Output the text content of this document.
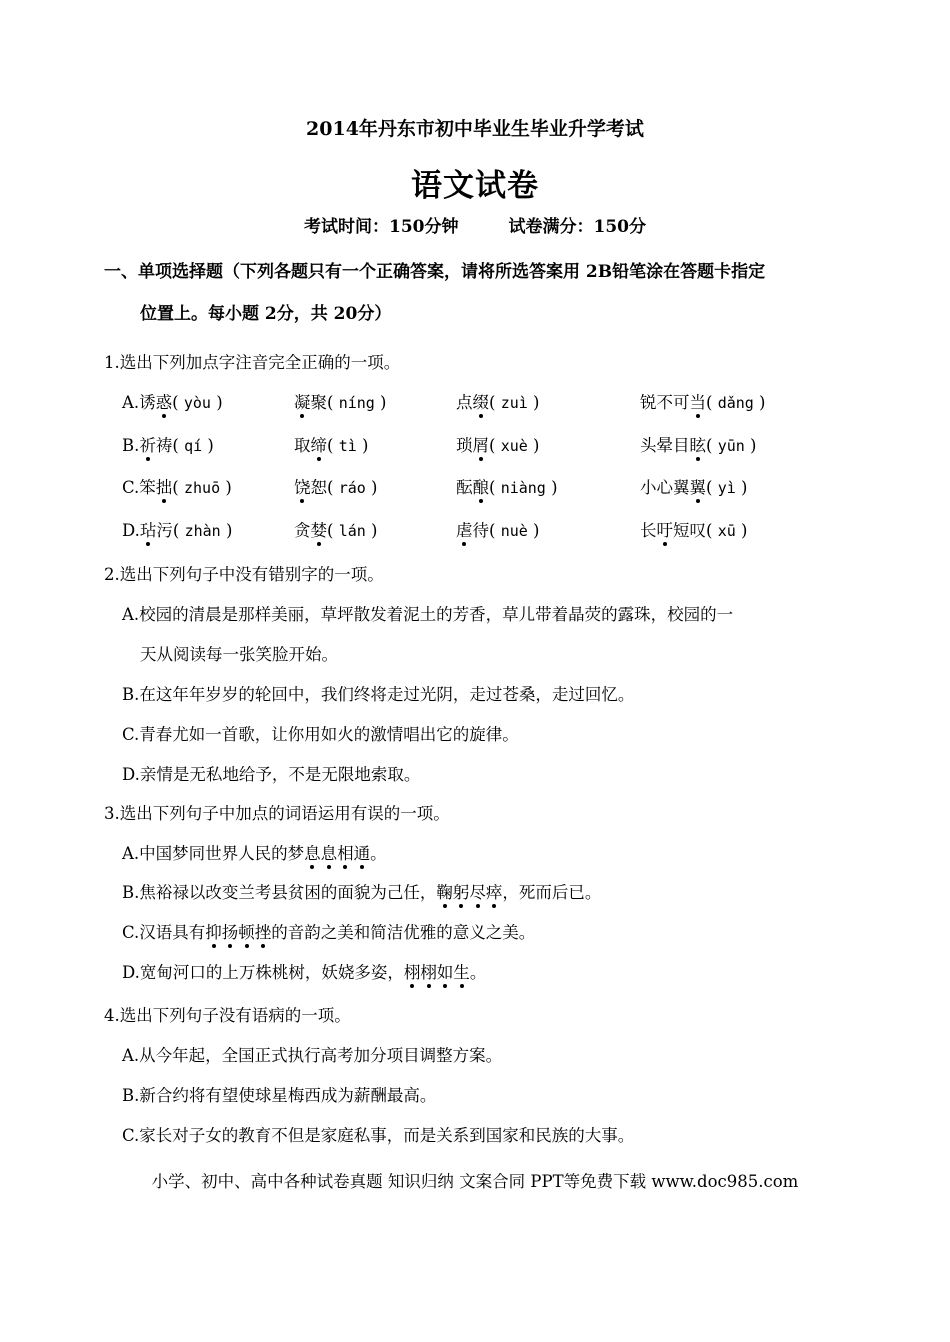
2014年丹东市初中毕业生毕业升学考试
语文试卷
考试时间：150分钟	试卷满分：150分
一、单项选择题（下列各题只有一个正确答案，请将所选答案用 2B铅笔涂在答题卡指定
位置上。每小题 2分，共 20分）
1.选出下列加点字注音完全正确的一项。
A.诱惑( yòu )	凝聚( níng )	点缀( zuì )	锐不可当( dǎng )
B.祈祷( qí )	取缔( tì )	琐屑( xuè )	头晕目眩( yūn )
C.笨拙( zhuō )	饶恕( ráo )	酝酿( niàng )	小心翼翼( yì )
D.玷污( zhàn )	贪婪( lán )	虐待( nuè )	长吁短叹( xū )
2.选出下列句子中没有错别字的一项。
A.校园的清晨是那样美丽，草坪散发着泥土的芳香，草儿带着晶荧的露珠，校园的一
天从阅读每一张笑脸开始。
B.在这年年岁岁的轮回中，我们终将走过光阴，走过苍桑，走过回忆。
C.青春尤如一首歌，让你用如火的激情唱出它的旋律。
D.亲情是无私地给予，不是无限地索取。
3.选出下列句子中加点的词语运用有误的一项。
A.中国梦同世界人民的梦息息相通。
B.焦裕禄以改变兰考县贫困的面貌为己任，鞠躬尽瘁，死而后已。
C.汉语具有抑扬顿挫的音韵之美和简洁优雅的意义之美。
D.宽甸河口的上万株桃树，妖娆多姿，栩栩如生。
4.选出下列句子没有语病的一项。
A.从今年起，全国正式执行高考加分项目调整方案。
B.新合约将有望使球星梅西成为薪酬最高。
C.家长对子女的教育不但是家庭私事，而是关系到国家和民族的大事。
小学、初中、高中各种试卷真题 知识归纳 文案合同 PPT等免费下载 www.doc985.com
